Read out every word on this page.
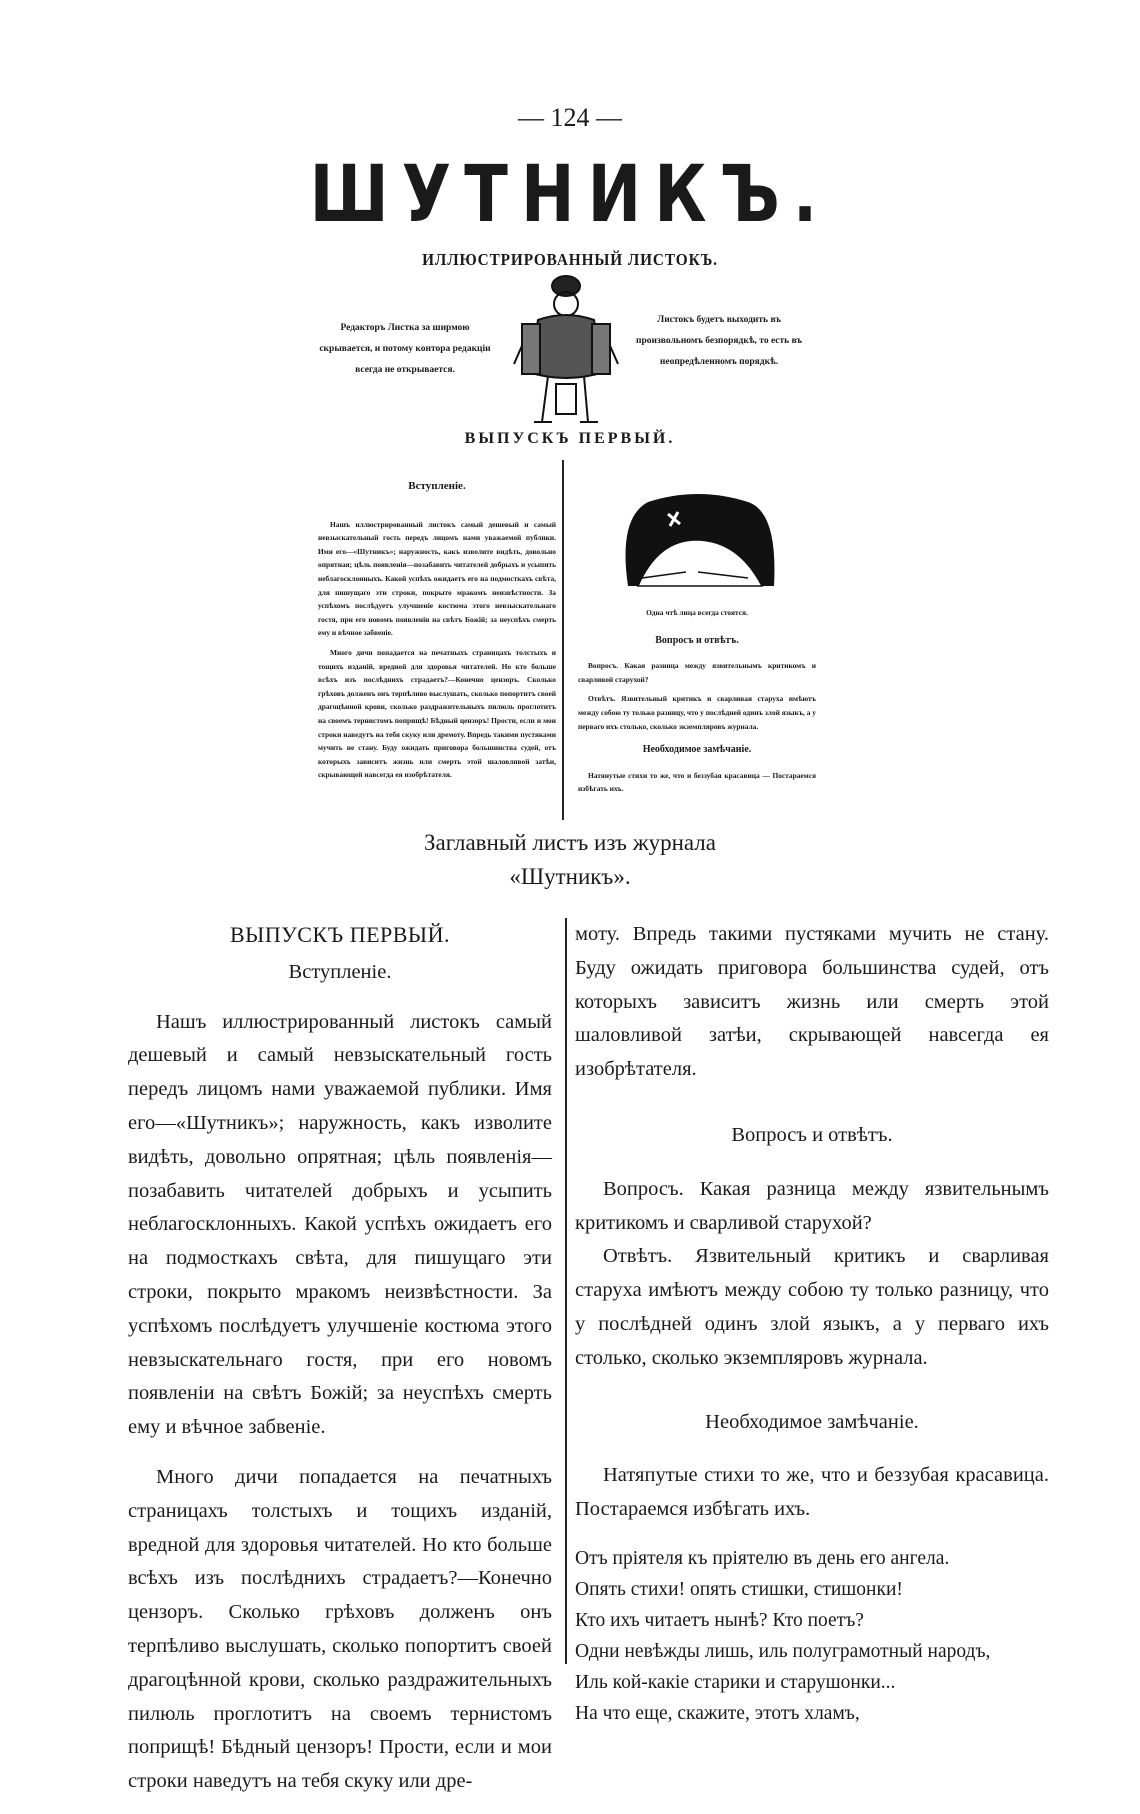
— 124 —
ШУТНИКЪ.
ИЛЛЮСТРИРОВАННЫЙ ЛИСТОКЪ.
Редакторъ Листка за ширмою скрывается, и потому контора редакціи всегда не открывается.
Листокъ будетъ выходить въ произвольномъ безпорядкѣ, то есть въ неопредѣленномъ порядкѣ.
ВЫПУСКЪ ПЕРВЫЙ.
Вступленіе.

Нашъ иллюстрированный листокъ самый дешевый и самый невзыскательный гость передъ лицомъ нами уважаемой публики. Имя его—«Шутникъ»; наружность, какъ изволите видѣть, довольно опрятная; цѣль появленія—позабавить читателей добрыхъ и усыпить неблагосклонныхъ. Какой успѣхъ ожидаетъ его на подмосткахъ свѣта, для пишущаго эти строки, покрыто мракомъ неизвѣстности. За успѣхомъ послѣдуетъ улучшеніе костюма этого невзыскательнаго гостя, при его новомъ появленіи на свѣтъ Божій; за неуспѣхъ смерть ему и вѣчное забвеніе.

Много дичи попадается на печатныхъ страницахъ толстыхъ и тощихъ изданій, вредной для здоровья читателей. Но кто больше всѣхъ изъ послѣднихъ страдаетъ?—Конечно цензоръ. Сколько грѣховъ долженъ онъ терпѣливо выслушать, сколько попортитъ своей драгоцѣнной крови, сколько раздражительныхъ пилюль проглотитъ на своемъ тернистомъ поприщѣ! Бѣдный цензоръ! Прости, если и мои строки наведутъ на тебя скуку или дремоту. Впредь такими пустяками мучить не стану. Буду ожидать приговора большинства судей, отъ которыхъ зависитъ жизнь или смерть этой шаловливой затѣи, скрывающей навсегда ея изобрѣтателя.

Одна чтѣ лица всегда стоятся.
Вопросъ и отвѣтъ.

Вопросъ. Какая разница между язвительнымъ критикомъ и сварливой старухой?

Отвѣтъ. Язвительный критикъ и сварливая старуха имѣютъ между собою ту только разницу, что у послѣдней одинъ злой языкъ, а у перваго ихъ столько, сколько экземпляровъ журнала.

Необходимое замѣчаніе.

Натянутые стихи то же, что и беззубая красавица — Постараемся избѣгать ихъ.

Заглавный листъ изъ журнала
«Шутникъ».
ВЫПУСКЪ ПЕРВЫЙ.
Вступленіе.

Нашъ иллюстрированный листокъ самый дешевый и самый невзыскательный гость передъ лицомъ нами уважаемой публики. Имя его—«Шутникъ»; наружность, какъ изволите видѣть, довольно опрятная; цѣль появленія—позабавить читателей добрыхъ и усыпить неблагосклонныхъ. Какой успѣхъ ожидаетъ его на подмосткахъ свѣта, для пишущаго эти строки, покрыто мракомъ неизвѣстности. За успѣхомъ послѣдуетъ улучшеніе костюма этого невзыскательнаго гостя, при его новомъ появленіи на свѣтъ Божій; за неуспѣхъ смерть ему и вѣчное забвеніе.

Много дичи попадается на печатныхъ страницахъ толстыхъ и тощихъ изданій, вредной для здоровья читателей. Но кто больше всѣхъ изъ послѣднихъ страдаетъ?—Конечно цензоръ. Сколько грѣховъ долженъ онъ терпѣливо выслушать, сколько попортитъ своей драгоцѣнной крови, сколько раздражительныхъ пилюль проглотитъ на своемъ тернистомъ поприщѣ! Бѣдный цензоръ! Прости, если и мои строки наведутъ на тебя скуку или дре-

моту. Впредь такими пустяками мучить не стану. Буду ожидать приговора большинства судей, отъ которыхъ зависитъ жизнь или смерть этой шаловливой затѣи, скрывающей навсегда ея изобрѣтателя.

Вопросъ и отвѣтъ.

Вопросъ. Какая разница между язвительнымъ критикомъ и сварливой старухой?

Отвѣтъ. Язвительный критикъ и сварливая старуха имѣютъ между собою ту только разницу, что у послѣдней одинъ злой языкъ, а у перваго ихъ столько, сколько экземпляровъ журнала.

Необходимое замѣчаніе.

Натяпутые стихи то же, что и беззубая красавица. Постараемся избѣгать ихъ.

Отъ пріятеля къ пріятелю въ день его ангела.
Опять стихи! опять стишки, стишонки!
Кто ихъ читаетъ нынѣ? Кто поетъ?
Одни невѣжды лишь, иль полуграмотный народъ,
Иль кой-какіе старики и старушонки...
На что еще, скажите, этотъ хламъ,
